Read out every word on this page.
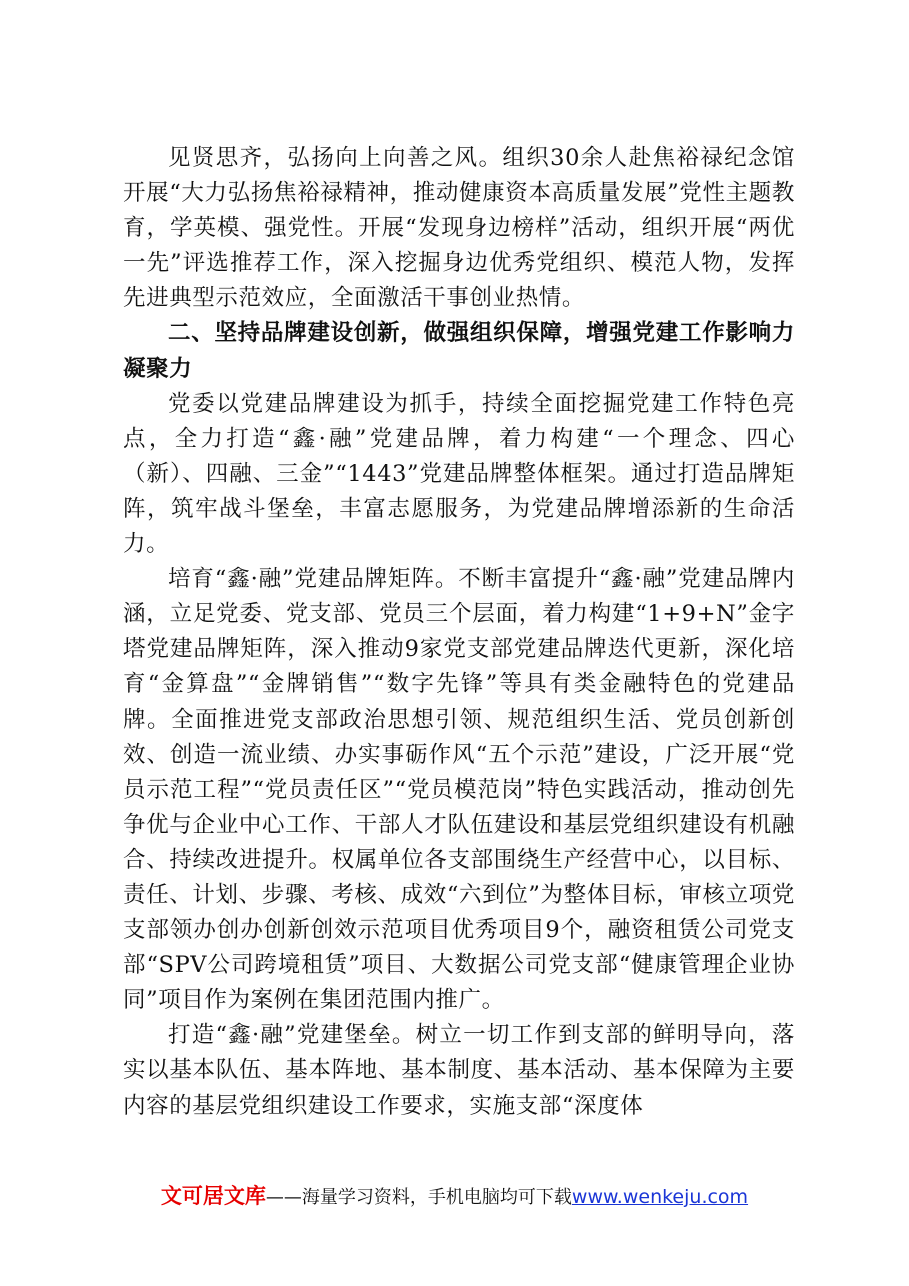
见贤思齐，弘扬向上向善之风。组织30余人赴焦裕禄纪念馆开展“大力弘扬焦裕禄精神，推动健康资本高质量发展”党性主题教育，学英模、强党性。开展“发现身边榜样”活动，组织开展“两优一先”评选推荐工作，深入挖掘身边优秀党组织、模范人物，发挥先进典型示范效应，全面激活干事创业热情。

二、坚持品牌建设创新，做强组织保障，增强党建工作影响力凝聚力

党委以党建品牌建设为抓手，持续全面挖掘党建工作特色亮点，全力打造“鑫·融”党建品牌，着力构建“一个理念、四心（新）、四融、三金”“1443”党建品牌整体框架。通过打造品牌矩阵，筑牢战斗堡垒，丰富志愿服务，为党建品牌增添新的生命活力。

培育“鑫·融”党建品牌矩阵。不断丰富提升“鑫·融”党建品牌内涵，立足党委、党支部、党员三个层面，着力构建“1+9+N”金字塔党建品牌矩阵，深入推动9家党支部党建品牌迭代更新，深化培育“金算盘”“金牌销售”“数字先锋”等具有类金融特色的党建品牌。全面推进党支部政治思想引领、规范组织生活、党员创新创效、创造一流业绩、办实事砺作风“五个示范”建设，广泛开展“党员示范工程”“党员责任区”“党员模范岗”特色实践活动，推动创先争优与企业中心工作、干部人才队伍建设和基层党组织建设有机融合、持续改进提升。权属单位各支部围绕生产经营中心，以目标、责任、计划、步骤、考核、成效“六到位”为整体目标，审核立项党支部领办创办创新创效示范项目优秀项目9个，融资租赁公司党支部“SPV公司跨境租赁”项目、大数据公司党支部“健康管理企业协同”项目作为案例在集团范围内推广。

打造“鑫·融”党建堡垒。树立一切工作到支部的鲜明导向，落实以基本队伍、基本阵地、基本制度、基本活动、基本保障为主要内容的基层党组织建设工作要求，实施支部“深度体

文可居文库——海量学习资料，手机电脑均可下载www.wenkeju.com
